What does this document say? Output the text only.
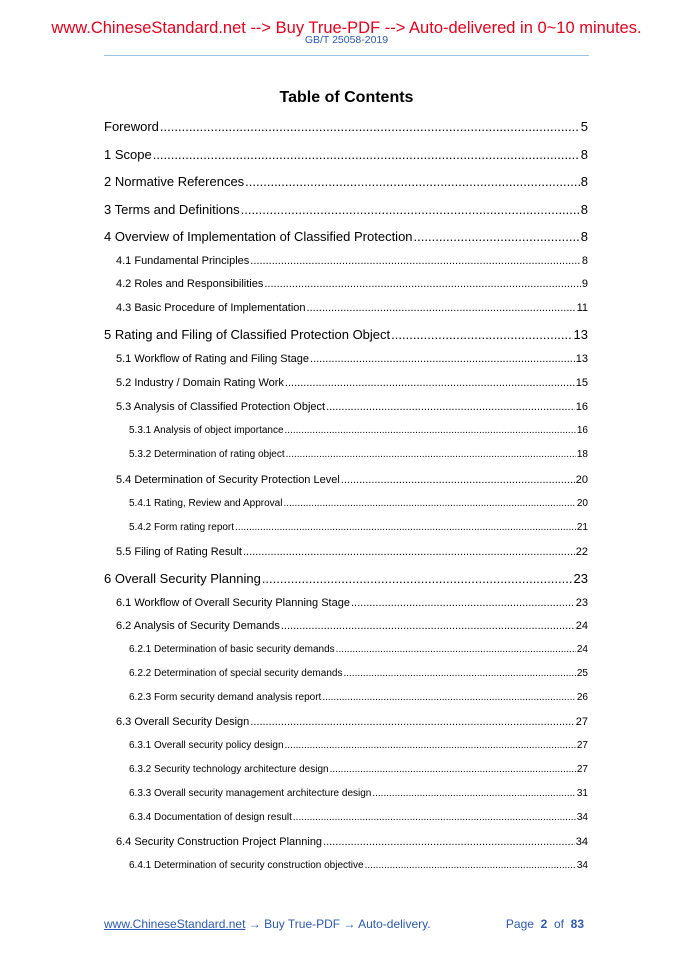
www.ChineseStandard.net --> Buy True-PDF --> Auto-delivered in 0~10 minutes.
GB/T 25058-2019
Table of Contents
Foreword .....	5
1 Scope .....	8
2 Normative References .....	8
3 Terms and Definitions .....	8
4 Overview of Implementation of Classified Protection .....	8
4.1 Fundamental Principles .....	8
4.2 Roles and Responsibilities .....	9
4.3 Basic Procedure of Implementation .....	11
5 Rating and Filing of Classified Protection Object .....	13
5.1 Workflow of Rating and Filing Stage .....	13
5.2 Industry / Domain Rating Work .....	15
5.3 Analysis of Classified Protection Object .....	16
5.3.1 Analysis of object importance .....	16
5.3.2 Determination of rating object .....	18
5.4 Determination of Security Protection Level .....	20
5.4.1 Rating, Review and Approval .....	20
5.4.2 Form rating report .....	21
5.5 Filing of Rating Result .....	22
6 Overall Security Planning .....	23
6.1 Workflow of Overall Security Planning Stage .....	23
6.2 Analysis of Security Demands .....	24
6.2.1 Determination of basic security demands .....	24
6.2.2 Determination of special security demands .....	25
6.2.3 Form security demand analysis report .....	26
6.3 Overall Security Design .....	27
6.3.1 Overall security policy design .....	27
6.3.2 Security technology architecture design .....	27
6.3.3 Overall security management architecture design .....	31
6.3.4 Documentation of design result .....	34
6.4 Security Construction Project Planning .....	34
6.4.1 Determination of security construction objective .....	34
www.ChineseStandard.net → Buy True-PDF → Auto-delivery.	Page 2 of 83
